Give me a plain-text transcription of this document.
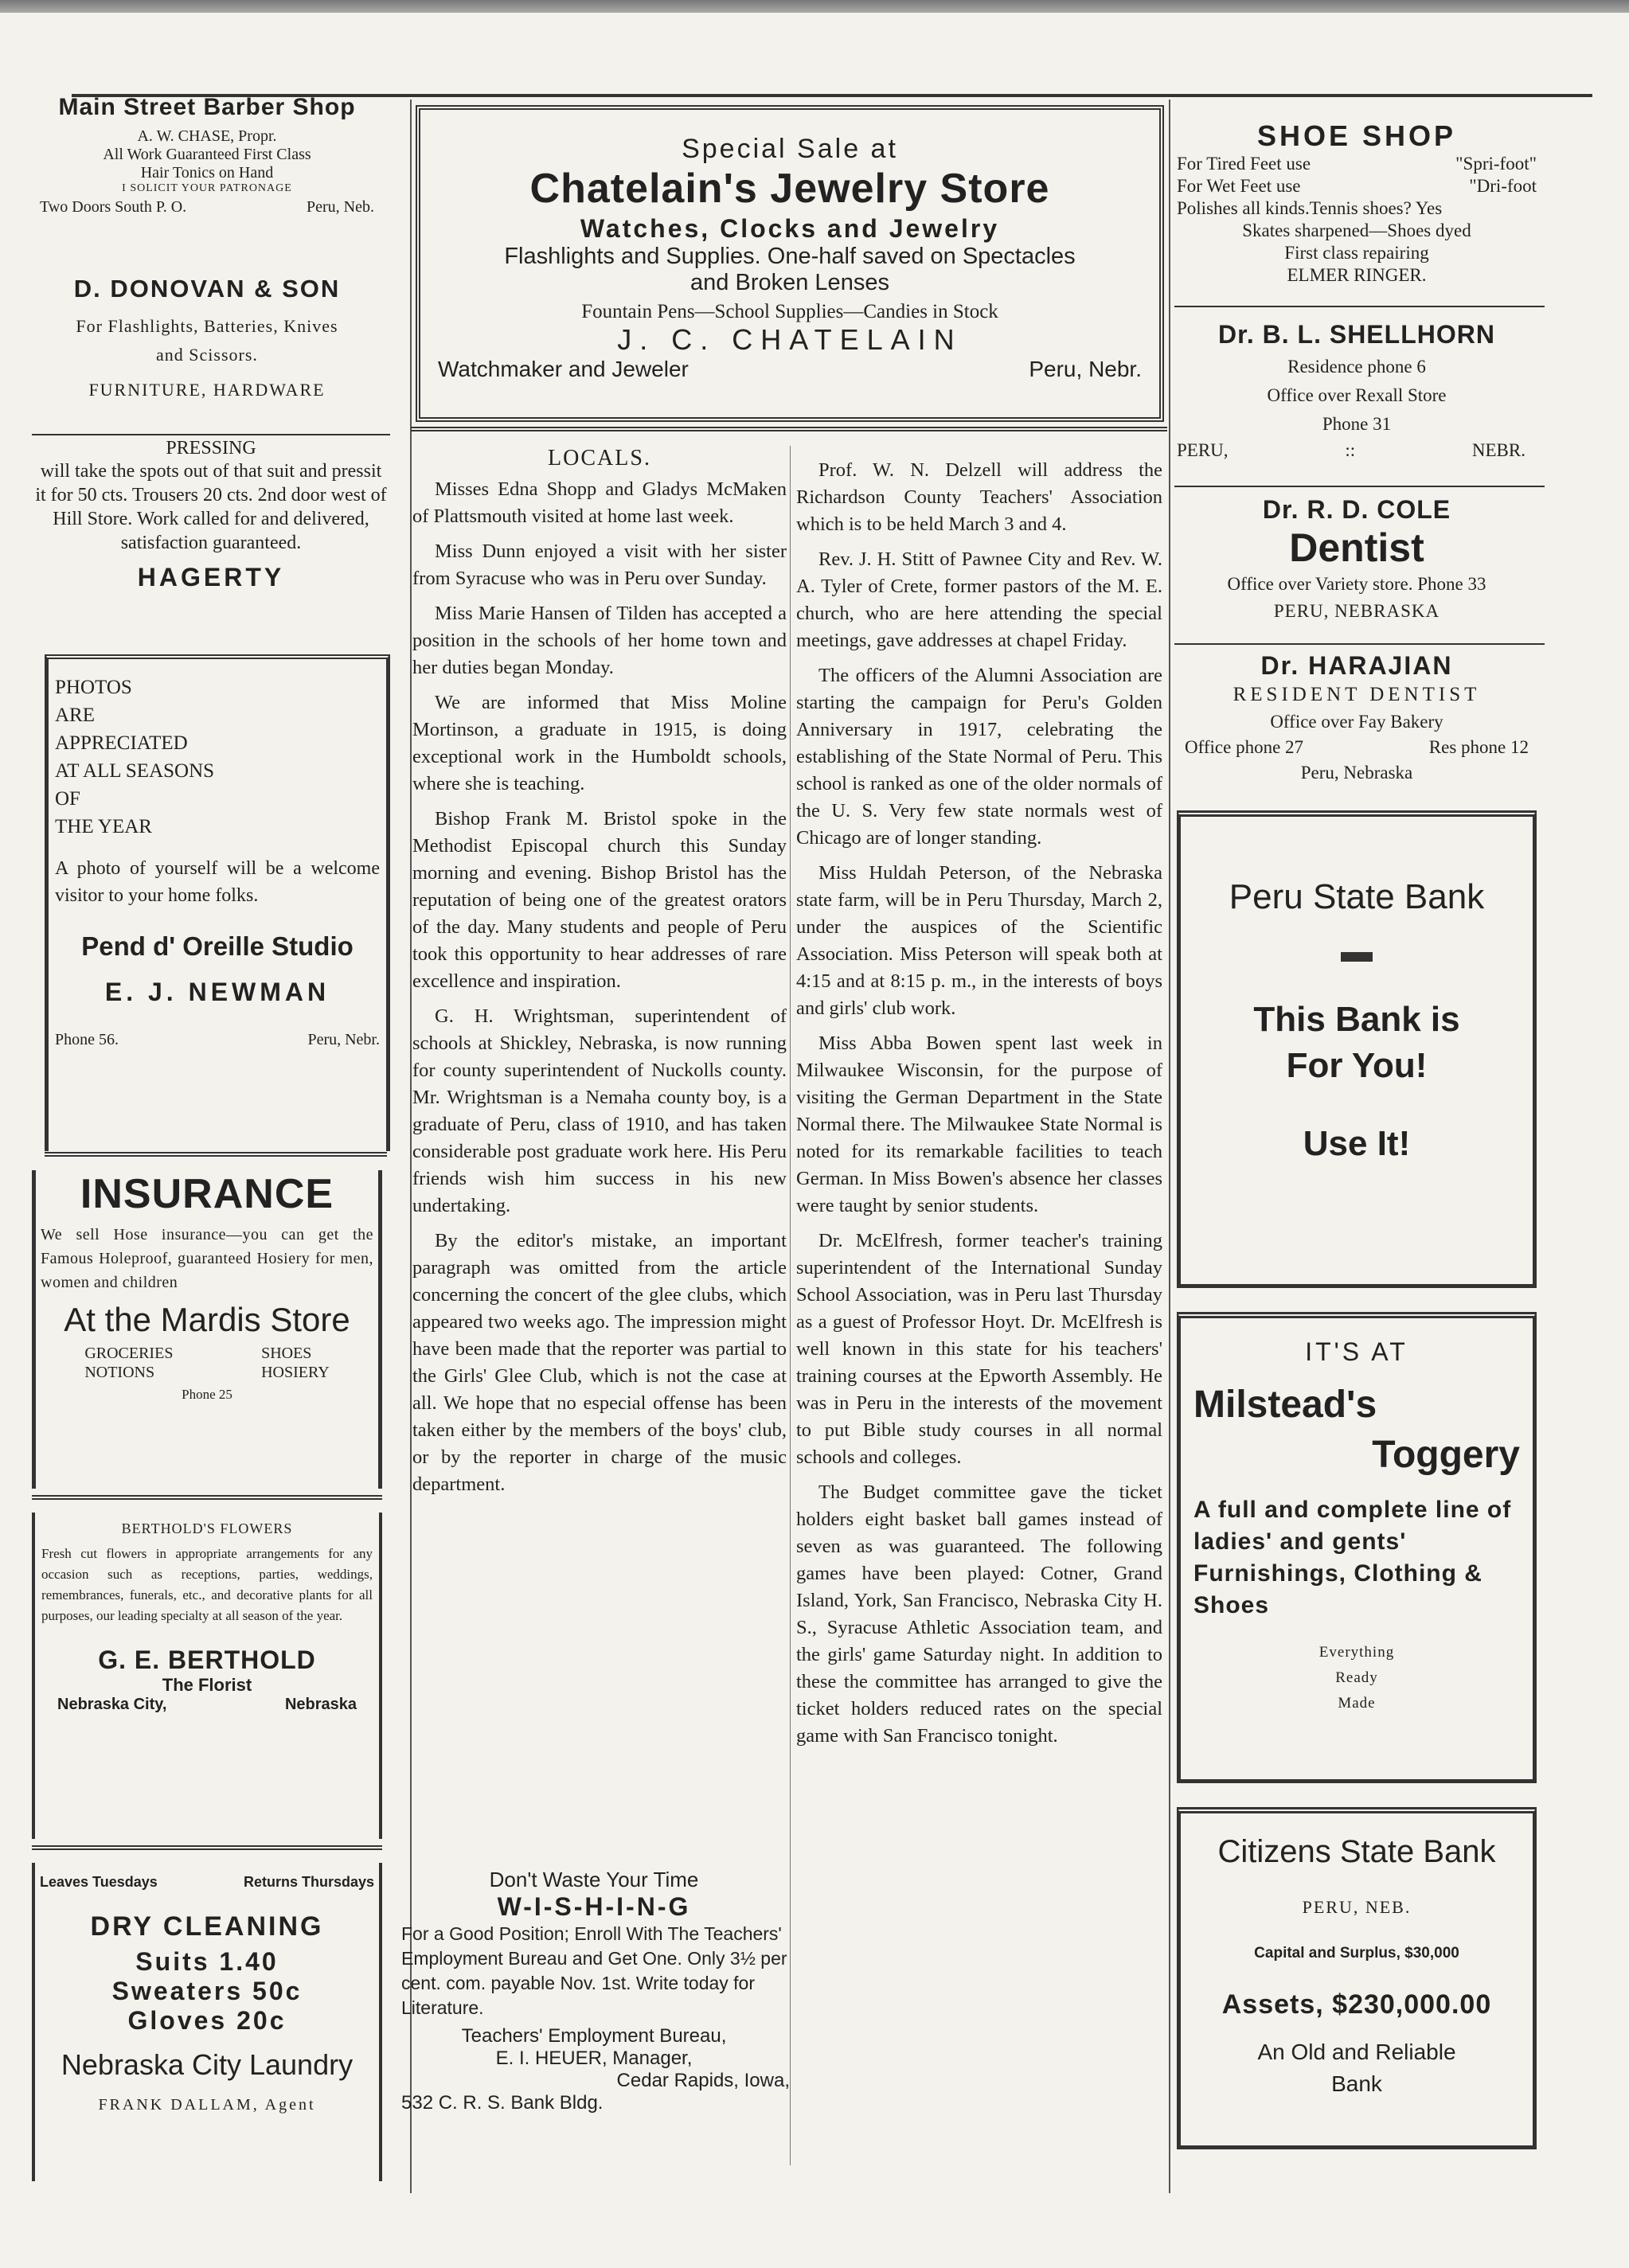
Main Street Barber Shop
A. W. CHASE, Propr.
All Work Guaranteed First Class
Hair Tonics on Hand
I SOLICIT YOUR PATRONAGE
Two Doors South P. O.	Peru, Neb.
D. DONOVAN & SON
For Flashlights, Batteries, Knives
and Scissors.
FURNITURE, HARDWARE
PRESSING
will take the spots out of that suit and pressit it for 50 cts. Trousers 20 cts. 2nd door west of Hill Store. Work called for and delivered, satisfaction guaranteed.
HAGERTY
PHOTOS
ARE
APPRECIATED
AT ALL SEASONS
OF
THE YEAR
A photo of yourself will be a welcome visitor to your home folks.
Pend d' Oreille Studio
E. J. NEWMAN
Phone 56.	Peru, Nebr.
INSURANCE
We sell Hose insurance—you can get the Famous Holeproof, guaranteed Hosiery for men, women and children
At the Mardis Store
GROCERIES
NOTIONS
SHOES
HOSIERY
Phone 25
BERTHOLD'S FLOWERS
Fresh cut flowers in appropriate arrangements for any occasion such as receptions, parties, weddings, remembrances, funerals, etc., and decorative plants for all purposes, our leading specialty at all season of the year.
G. E. BERTHOLD
The Florist
Nebraska City,	Nebraska
Leaves Tuesdays	Returns Thursdays
DRY CLEANING
Suits 1.40
Sweaters 50c
Gloves 20c
Nebraska City Laundry
FRANK DALLAM, Agent
Special Sale at
Chatelain's Jewelry Store
Watches, Clocks and Jewelry
Flashlights and Supplies. One-half saved on Spectacles
and Broken Lenses
Fountain Pens—School Supplies—Candies in Stock
J. C. CHATELAIN
Watchmaker and Jeweler	Peru, Nebr.
LOCALS.

Misses Edna Shopp and Gladys McMaken of Plattsmouth visited at home last week.

Miss Dunn enjoyed a visit with her sister from Syracuse who was in Peru over Sunday.

Miss Marie Hansen of Tilden has accepted a position in the schools of her home town and her duties began Monday.

We are informed that Miss Moline Mortinson, a graduate in 1915, is doing exceptional work in the Humboldt schools, where she is teaching.

Bishop Frank M. Bristol spoke in the Methodist Episcopal church this Sunday morning and evening. Bishop Bristol has the reputation of being one of the greatest orators of the day. Many students and people of Peru took this opportunity to hear addresses of rare excellence and inspiration.

G. H. Wrightsman, superintendent of schools at Shickley, Nebraska, is now running for county superintendent of Nuckolls county. Mr. Wrightsman is a Nemaha county boy, is a graduate of Peru, class of 1910, and has taken considerable post graduate work here. His Peru friends wish him success in his new undertaking.

By the editor's mistake, an important paragraph was omitted from the article concerning the concert of the glee clubs, which appeared two weeks ago. The impression might have been made that the reporter was partial to the Girls' Glee Club, which is not the case at all. We hope that no especial offense has been taken either by the members of the boys' club, or by the reporter in charge of the music department.

Don't Waste Your Time
W-I-S-H-I-N-G
For a Good Position; Enroll With The Teachers' Employment Bureau and Get One. Only 3½ per cent. com. payable Nov. 1st. Write today for Literature.
Teachers' Employment Bureau,
E. I. HEUER, Manager,
Cedar Rapids, Iowa,
532 C. R. S. Bank Bldg.

Prof. W. N. Delzell will address the Richardson County Teachers' Association which is to be held March 3 and 4.

Rev. J. H. Stitt of Pawnee City and Rev. W. A. Tyler of Crete, former pastors of the M. E. church, who are here attending the special meetings, gave addresses at chapel Friday.

The officers of the Alumni Association are starting the campaign for Peru's Golden Anniversary in 1917, celebrating the establishing of the State Normal of Peru. This school is ranked as one of the older normals of the U. S. Very few state normals west of Chicago are of longer standing.

Miss Huldah Peterson, of the Nebraska state farm, will be in Peru Thursday, March 2, under the auspices of the Scientific Association. Miss Peterson will speak both at 4:15 and at 8:15 p. m., in the interests of boys and girls' club work.

Miss Abba Bowen spent last week in Milwaukee Wisconsin, for the purpose of visiting the German Department in the State Normal there. The Milwaukee State Normal is noted for its remarkable facilities to teach German. In Miss Bowen's absence her classes were taught by senior students.

Dr. McElfresh, former teacher's training superintendent of the International Sunday School Association, was in Peru last Thursday as a guest of Professor Hoyt. Dr. McElfresh is well known in this state for his teachers' training courses at the Epworth Assembly. He was in Peru in the interests of the movement to put Bible study courses in all normal schools and colleges.

The Budget committee gave the ticket holders eight basket ball games instead of seven as was guaranteed. The following games have been played: Cotner, Grand Island, York, San Francisco, Nebraska City H. S., Syracuse Athletic Association team, and the girls' game Saturday night. In addition to these the committee has arranged to give the ticket holders reduced rates on the special game with San Francisco tonight.

SHOE SHOP
For Tired Feet use	"Spri-foot"
For Wet Feet use	"Dri-foot
Polishes all kinds.Tennis shoes? Yes
Skates sharpened—Shoes dyed
First class repairing
ELMER RINGER.
Dr. B. L. SHELLHORN
Residence phone 6
Office over Rexall Store
Phone 31
PERU,	::	NEBR.
Dr. R. D. COLE
Dentist
Office over Variety store. Phone 33
PERU, NEBRASKA
Dr. HARAJIAN
RESIDENT DENTIST
Office over Fay Bakery
Office phone 27	Res phone 12
Peru, Nebraska
Peru State Bank
This Bank is
For You!
Use It!
IT'S AT
Milstead's
Toggery
A full and complete line of ladies' and gents' Furnishings, Clothing & Shoes
Everything
Ready
Made
Citizens State Bank
PERU, NEB.
Capital and Surplus, $30,000
Assets, $230,000.00
An Old and Reliable
Bank
